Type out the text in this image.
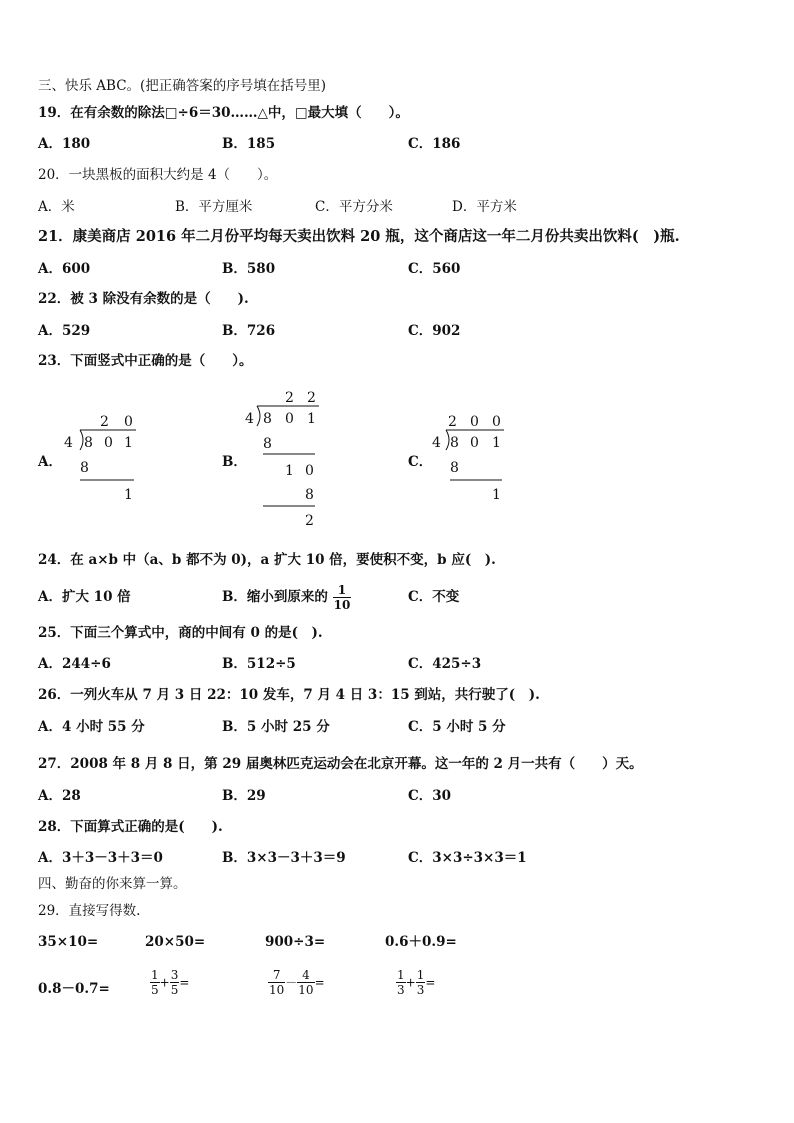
三、快乐 ABC。(把正确答案的序号填在括号里)
19．在有余数的除法□÷6＝30……△中，□最大填（　　）。
A．180	B．185	C．186
20．一块黑板的面积大约是 4（　　）。
A．米	B．平方厘米	C．平方分米	D．平方米
21．康美商店 2016 年二月份平均每天卖出饮料 20 瓶，这个商店这一年二月份共卖出饮料(　)瓶.
A．600	B．580	C．560
22．被 3 除没有余数的是（　　).
A．529	B．726	C．902
23．下面竖式中正确的是（　　）。
A．	B．	C．
2 0
4 8 0 1
8
1
2 2
4 8 0 1
8
1 0
8
2
2 0 0
4 8 0 1
8
1
24．在 a×b 中（a、b 都不为 0)，a 扩大 10 倍，要使积不变，b 应(　).
A．扩大 10 倍	B．缩小到原来的 $\frac{1}{10}$	C．不变
25．下面三个算式中，商的中间有 0 的是(　).
A．244÷6	B．512÷5	C．425÷3
26．一列火车从 7 月 3 日 22：10 发车，7 月 4 日 3：15 到站，共行驶了(　).
A．4 小时 55 分	B．5 小时 25 分	C．5 小时 5 分
27．2008 年 8 月 8 日，第 29 届奥林匹克运动会在北京开幕。这一年的 2 月一共有（　　）天。
A．28	B．29	C．30
28．下面算式正确的是(　　).
A．3＋3－3＋3＝0	B．3×3－3＋3＝9	C．3×3÷3×3＝1
四、勤奋的你来算一算。
29．直接写得数.
35×10=	20×50=	900÷3=	0.6＋0.9=
0.8－0.7=	$\frac{1}{5} + \frac{3}{5}$ =	$\frac{7}{10} - \frac{4}{10}$ =	$\frac{1}{3} + \frac{1}{3}$ =
